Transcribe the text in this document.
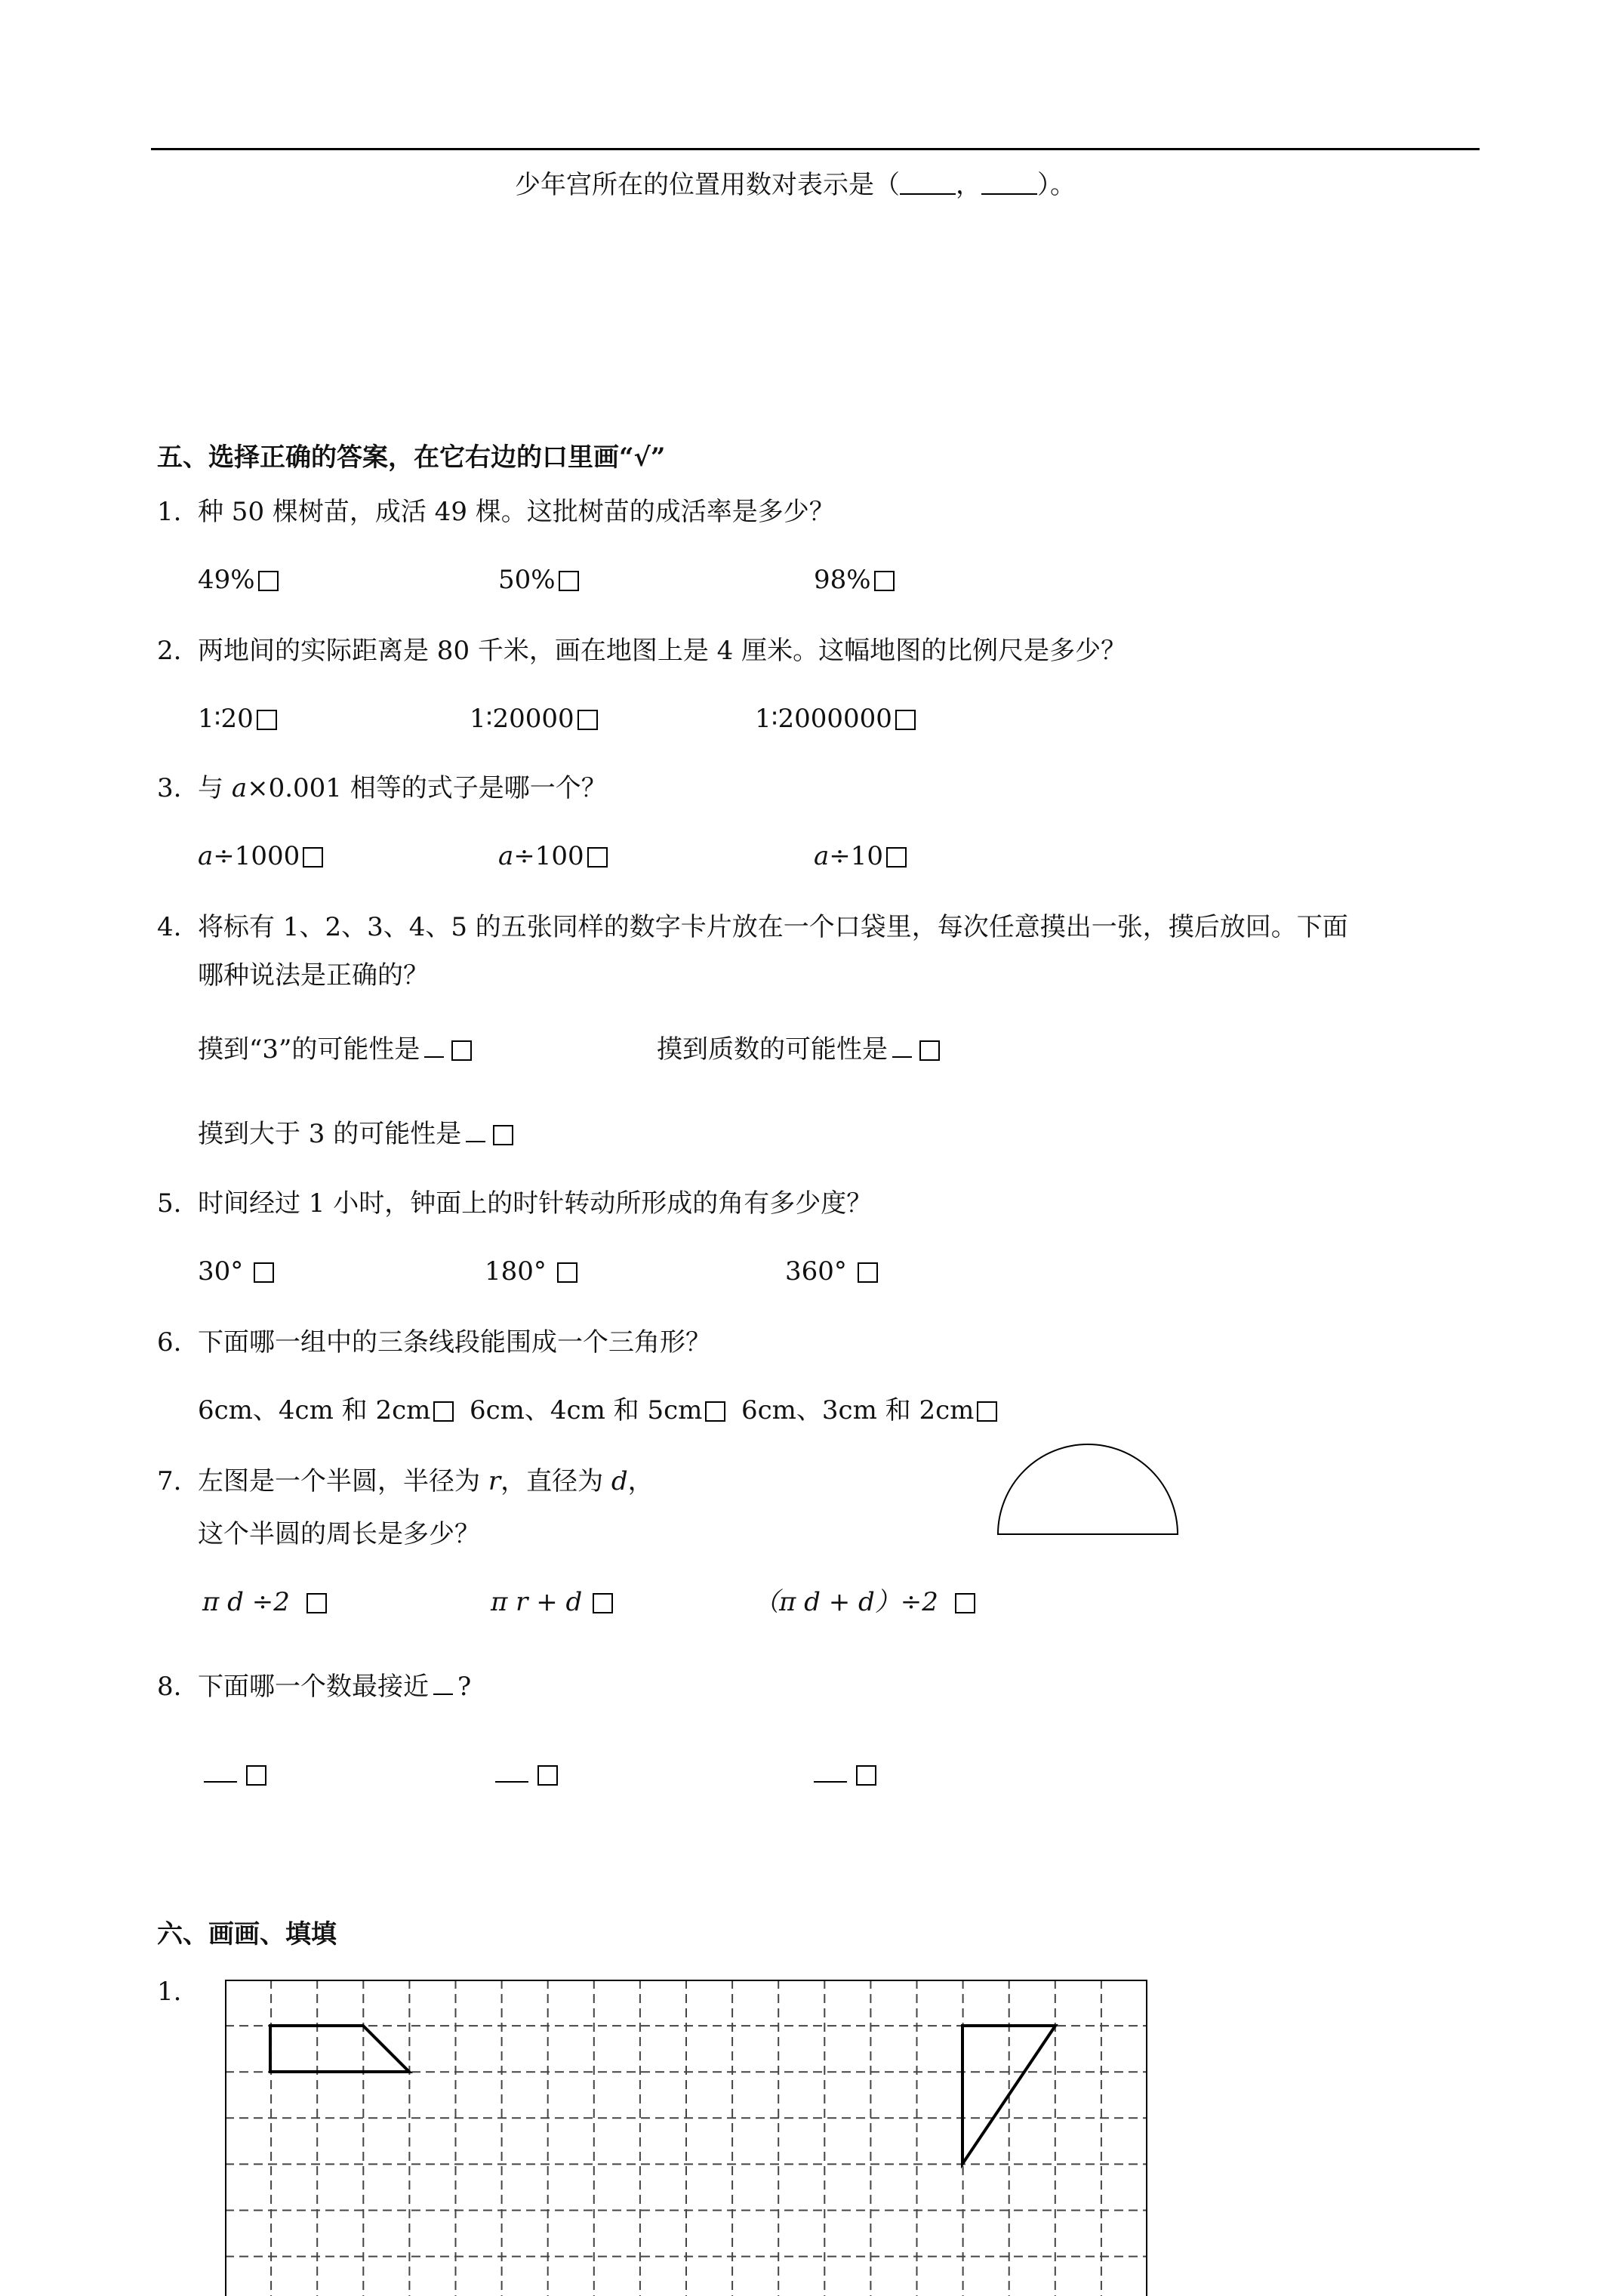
少年宫所在的位置用数对表示是（ ， ）。
五、选择正确的答案，在它右边的口里画“√”
1. 种 50 棵树苗，成活 49 棵。这批树苗的成活率是多少？
49%	50%	98%
2. 两地间的实际距离是 80 千米，画在地图上是 4 厘米。这幅地图的比例尺是多少？
1∶20	1∶20000	1∶2000000
3. 与 a×0.001 相等的式子是哪一个？
a÷1000	a÷100	a÷10
4. 将标有 1、2、3、4、5 的五张同样的数字卡片放在一个口袋里，每次任意摸出一张，摸后放回。下面
哪种说法是正确的？
摸到“3”的可能性是	摸到质数的可能性是
摸到大于 3 的可能性是
5. 时间经过 1 小时，钟面上的时针转动所形成的角有多少度？
30°	180°	360°
6. 下面哪一组中的三条线段能围成一个三角形？
6cm、4cm 和 2cm	6cm、4cm 和 5cm	6cm、3cm 和 2cm
7. 左图是一个半圆，半径为 r，直径为 d，
这个半圆的周长是多少？
π d ÷2	π r + d	（π d + d）÷2
8. 下面哪一个数最接近 ?
六、画画、填填
1.
